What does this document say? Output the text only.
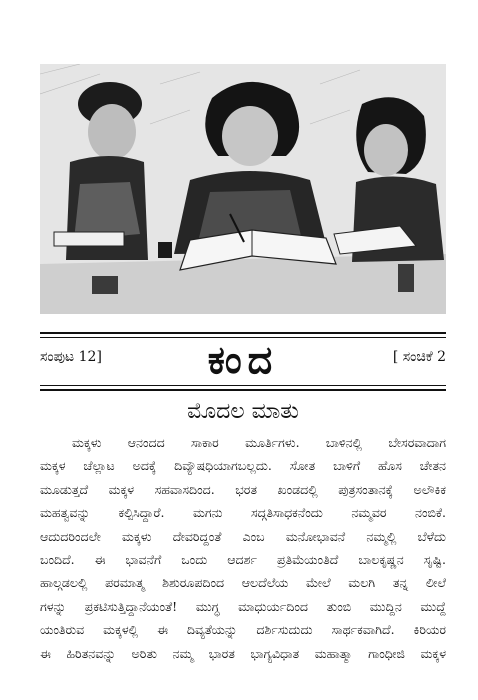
ಸಂಪುಟ 12]	ಕಂದ	[ ಸಂಚಿಕೆ 2
ಮೊದಲ ಮಾತು
ಮಕ್ಕಳು ಆನಂದದ ಸಾಕಾರ ಮೂರ್ತಿಗಳು. ಬಾಳಿನಲ್ಲಿ ಬೇಸರವಾದಾಗ
ಮಕ್ಕಳ ಚೆಲ್ಲಾಟ ಅದಕ್ಕೆ ದಿವ್ಯೌಷಧಿಯಾಗಬಲ್ಲದು. ಸೋತ ಬಾಳಿಗೆ ಹೊಸ ಚೇತನ
ಮೂಡುತ್ತದೆ ಮಕ್ಕಳ ಸಹವಾಸದಿಂದ. ಭರತ ಖಂಡದಲ್ಲಿ ಪುತ್ರಸಂತಾನಕ್ಕೆ ಅಲೌಕಿಕ
ಮಹತ್ವವನ್ನು ಕಲ್ಪಿಸಿದ್ದಾರೆ. ಮಗನು ಸದ್ಗತಿಸಾಧಕನೆಂದು ನಮ್ಮವರ ನಂಬಿಕೆ.
ಆದುದರಿಂದಲೇ ಮಕ್ಕಳು ದೇವರಿದ್ದಂತೆ ಎಂಬ ಮನೋಭಾವನೆ ನಮ್ಮಲ್ಲಿ ಬೆಳೆದು
ಬಂದಿದೆ. ಈ ಭಾವನೆಗೆ ಒಂದು ಆದರ್ಶ ಪ್ರತಿಮೆಯಂತಿದೆ ಬಾಲಕೃಷ್ಣನ ಸೃಷ್ಟಿ.
ಹಾಲ್ಗಡಲಲ್ಲಿ ಪರಮಾತ್ಮ ಶಿಶುರೂಪದಿಂದ ಆಲದೆಲೆಯ ಮೇಲೆ ಮಲಗಿ ತನ್ನ ಲೀಲೆ
ಗಳನ್ನು ಪ್ರಕಟಿಸುತ್ತಿದ್ದಾನೆಯಂತೆ! ಮುಗ್ಧ ಮಾಧುರ್ಯದಿಂದ ತುಂಬಿ ಮುದ್ದಿನ ಮುದ್ದೆ
ಯಂತಿರುವ ಮಕ್ಕಳಲ್ಲಿ ಈ ದಿವ್ಯತೆಯನ್ನು ದರ್ಶಿಸುದುದು ಸಾರ್ಥಕವಾಗಿದೆ. ಕಿರಿಯರ
ಈ ಹಿರಿತನವನ್ನು ಅರಿತು ನಮ್ಮ ಭಾರತ ಭಾಗ್ಯವಿಧಾತ ಮಹಾತ್ಮಾ ಗಾಂಧೀಜಿ ಮಕ್ಕಳ
